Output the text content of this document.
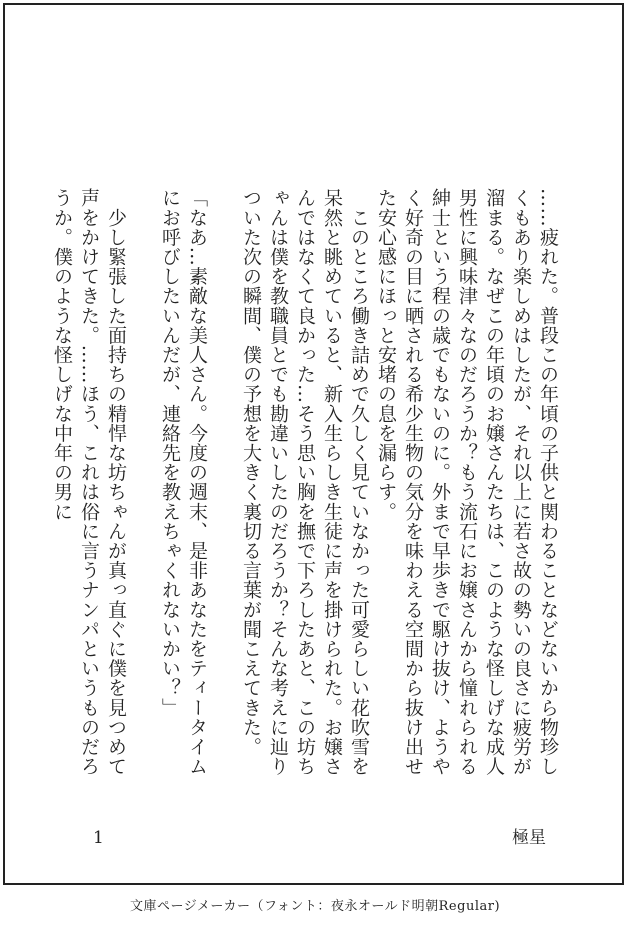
……疲れた。普段この年頃の子供と関わることなどないから物珍しくもあり楽しめはしたが、それ以上に若さ故の勢いの良さに疲労が溜まる。なぜこの年頃のお嬢さんたちは、このような怪しげな成人男性に興味津々なのだろうか？もう流石にお嬢さんから憧れられる紳士という程の歳でもないのに。外まで早歩きで駆け抜け、ようやく好奇の目に晒される希少生物の気分を味わえる空間から抜け出せた安心感にほっと安堵の息を漏らす。

　このところ働き詰めで久しく見ていなかった可愛らしい花吹雪を呆然と眺めていると、新入生らしき生徒に声を掛けられた。お嬢さんではなくて良かった…そう思い胸を撫で下ろしたあと、この坊ちゃんは僕を教職員とでも勘違いしたのだろうか？そんな考えに辿りついた次の瞬間、僕の予想を大きく裏切る言葉が聞こえてきた。

「なあ…素敵な美人さん。今度の週末、是非あなたをティータイムにお呼びしたいんだが、連絡先を教えちゃくれないかい？」

　少し緊張した面持ちの精悍な坊ちゃんが真っ直ぐに僕を見つめて声をかけてきた。……ほう、これは俗に言うナンパというものだろうか。僕のような怪しげな中年の男に

1	極星
文庫ページメーカー（フォント：夜永オールド明朝Regular)
